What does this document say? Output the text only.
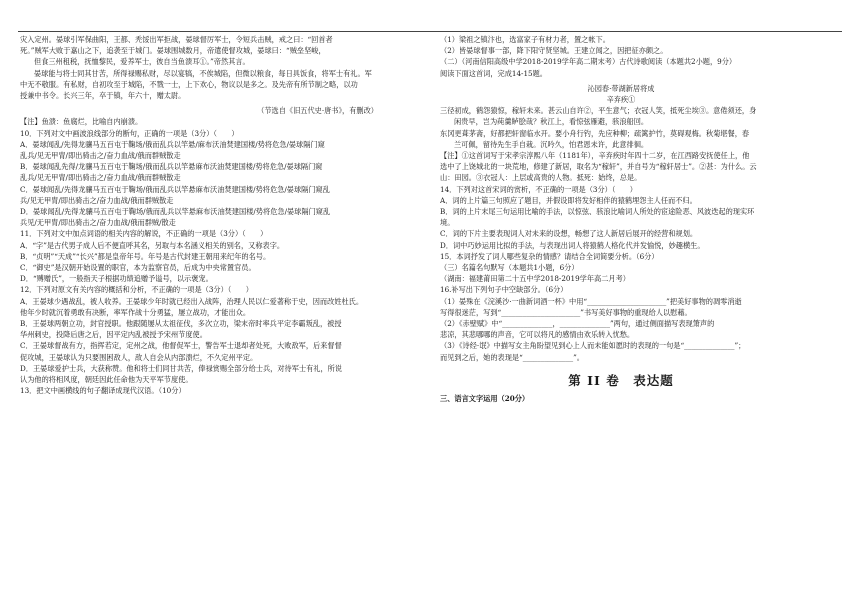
灾入定州。晏球引军保曲阳，王都、秃馁出军拒战，晏球督厉军士，令短兵击贼，戒之曰：“回首者

死。”贼军大败于嘉山之下，追袭至于城门。晏球围城数月，帝遣使督攻城，晏球曰：“贼垒坚峻，

但食三州租税，抚恤黎民，爱养军士，彼自当鱼溃耳①。”帝然其言。

晏球能与将士同其甘苦，所得禄赐私财，尽以宴犒，不俟城陷，但微以粮食，每日具饭食，将军士有礼。军

中无不敬服。有私财，自初攻至于城陷，不戮一士，上下欢心，物议以是多之。及先帝有所节制之略，以功

授兼中书令。长兴三年，卒于镇，年六十，赠太尉。

（节选自《旧五代史·唐书》，有删改）

【注】鱼溃：鱼腐烂，比喻自内崩溃。

10．下列对文中画波浪线部分的断句，正确的一项是（3分）（　　）

A．晏球闻乱/先得龙骧马五百屯于鞠场/俄而乱兵以竿悬/麻布沃油焚建国楼/势将危急/晏球隔门窥

乱兵/见无甲胄/即出骑击之/奋力血战/俄而群贼散走

B．晏球闻乱先得/龙骧马五百屯于鞠场/俄而乱兵以竿悬麻布沃油焚建国楼/势将危急/晏球隔门窥

乱兵/见无甲胄/即出骑击之/奋力血战/俄而群贼散走

C．晏球闻乱/先得龙骧马五百屯于鞠场/俄而乱兵以竿悬麻布沃油焚建国楼/势将危急/晏球隔门窥乱

兵/见无甲胄/即出骑击之/奋力血战/俄而群贼散走

D．晏球闻乱/先得龙骧马五百屯于鞠场/俄而乱兵以竿悬麻布沃油焚建国楼/势将危急/晏球隔门窥乱

兵见/无甲胄/即出骑击之/奋力血战/俄而群贼/散走

11．下列对文中加点词语的相关内容的解说，不正确的一项是（3分）（　　）

A．“字”是古代男子成人后不便直呼其名，另取与本名涵义相关的别名，又称表字。

B．“贞明”“天成”“长兴”都是皇帝年号。年号是古代封建王朝用来纪年的名号。

C．“御史”是汉朝开始设置的职官，本为监察官员，后成为中央常置官员。

D．“赙赠氏”，一般指天子根据功绩追赠予谥号，以示褒宠。

12．下列对原文有关内容的概括和分析，不正确的一项是（3分）（　　）

A．王晏球少遇战乱，被人收养。王晏球少年时就已经出入战阵，治理人民以仁爱著称于史，因而改姓杜氏。

他年少时就沉着勇敢有决断，率军作战十分勇猛，屡立战功，才能出众。

B．王晏球两朝立功，封官授职。他跟随屡从太祖征伐，多次立功，梁末帝时率兵平定李霸叛乱，被授

华州刺史，投降后唐之后，因平定内乱被授予宋州节度使。

C．王晏球督战有方，指挥若定，定州之战，他督促军士，警告军士退却者处死，大败敌军，后来督督

促攻城，王晏球认为只要围困敌人，敌人自会从内部溃烂，不久定州平定。

D．王晏球爱护士兵，大获称赞。他和将士们同甘共苦，俸禄赏赐全部分给士兵，对待军士有礼，所说

认为他的将相风度，朝廷因此任命他为天平军节度使。

13．把文中画横线的句子翻译成现代汉语。（10分）

（1）梁祖之镇汴也，选富家子有材力者，置之帐下。

（2）皆晏球督事一部，降下阳守贤坚城。王建立闻之，因把征亦颇之。

（二）（河南信阳高级中学2018-2019学年高二期末考）古代诗歌阅读（本题共2小题，9分）

阅读下面这首词，完成14-15题。

沁园春·带湖新居将成

辛弃疾①

三径初成，鹤怨猿惊，稼轩未来。甚云山自许②，平生意气；衣冠人笑，抵死尘埃③。意倦须还，身

闲贵早，岂为莼羹鲈脍哉？秋江上，看惊弦雁避，骇浪船回。

东冈更葺茅斋，好都把轩窗临水开。要小舟行钓，先应种柳；疏篱护竹，莫碍观梅。秋菊堪餐，春

兰可佩，留待先生手自栽。沉吟久，怕君恩未许，此意徘徊。

【注】①这首词写于宋孝宗淳熙八年（1181年），辛弃疾时年四十二岁，在江西路安抚使任上，他

选中了上饶城北的一块荒地，修建了新居，取名为“稼轩”，并自号为“稼轩居士”。②甚：为什么。云

山：田园。③衣冠人：上层或高贵的人物。抵死：始终，总是。

14．下列对这首宋词的赏析，不正确的一项是（3分）（　　）

A．词的上片篇三句照应了题目，并假设即将发好相伴的猿鹤埋怨主人任而不归。

B．词的上片末尾三句运用比喻的手法，以惊弦、骇浪比喻词人所处的宦途险恶、风波迭起的现实环

境。

C．词的下片主要表现词人对未来的设想，畅想了这人新居后展开的经营和规划。

D．词中巧妙运用比拟的手法，与表现出词人将猿鹤人格化代并发愉悦，妙趣横生。

15．本词抒发了词人哪些复杂的情感？请结合全词简要分析。（6分）

（三）名篇名句默写（本题共1小题，6分）

（湖南：福建莆田第二十五中学2018-2019学年高二月考）

16.补写出下列句子中空缺部分。（6分）

（1）晏殊在《浣溪沙·一曲新词酒一杯》中用“______________________”把美好事物的凋零消逝

写得很迷茫，写到“______________________”书写美好事物的重现给人以慰藉。

（2）《赤壁赋》中“______________，______________”两句，通过侧面描写表现箫声的

悲凉，其悲哪哪的声音，它可以将凡的感情由欢乐转入忧愁。

（3）《诗经·氓》中描写女主角盼望见到心上人而未能如愿时的表现的一句是“______________”；

而见到之后，她的表现是“______________”。

第 II 卷　表达题

三、语言文字运用（20分）
